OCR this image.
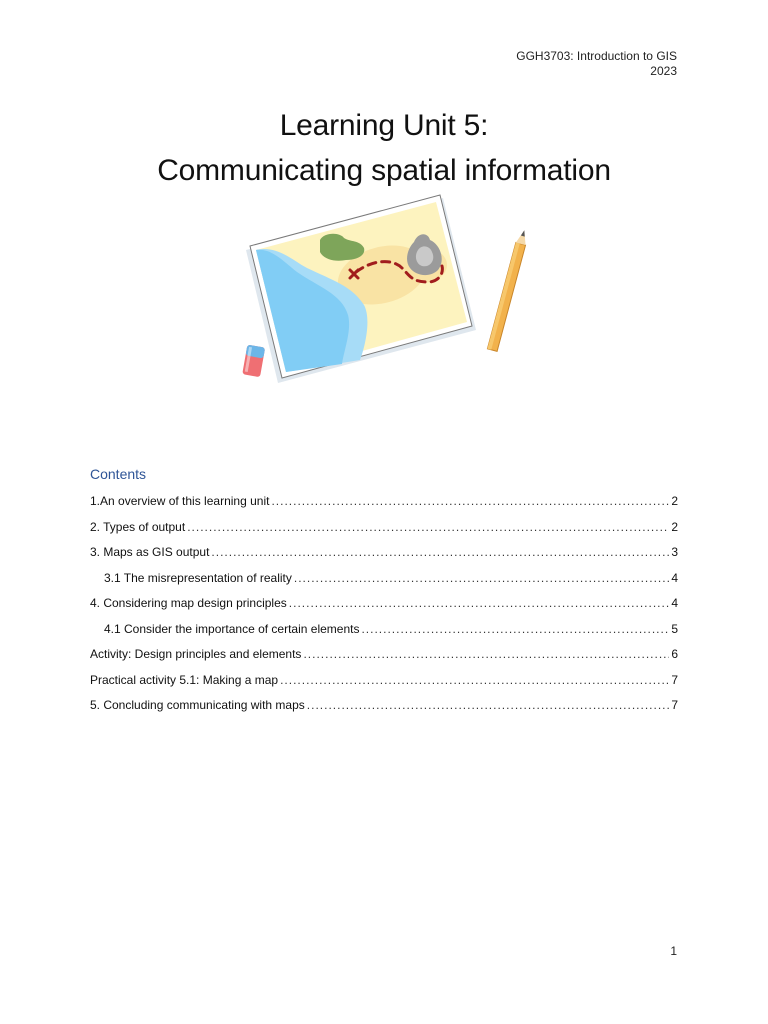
GGH3703: Introduction to GIS
2023
Learning Unit 5:
Communicating spatial information
Contents
1. An overview of this learning unit .....	2
2. Types of output .....	2
3. Maps as GIS output .....	3
3.1 The misrepresentation of reality .....	4
4. Considering map design principles .....	4
4.1 Consider the importance of certain elements .....	5
Activity: Design principles and elements .....	6
Practical activity 5.1: Making a map .....	7
5. Concluding communicating with maps .....	7
1
